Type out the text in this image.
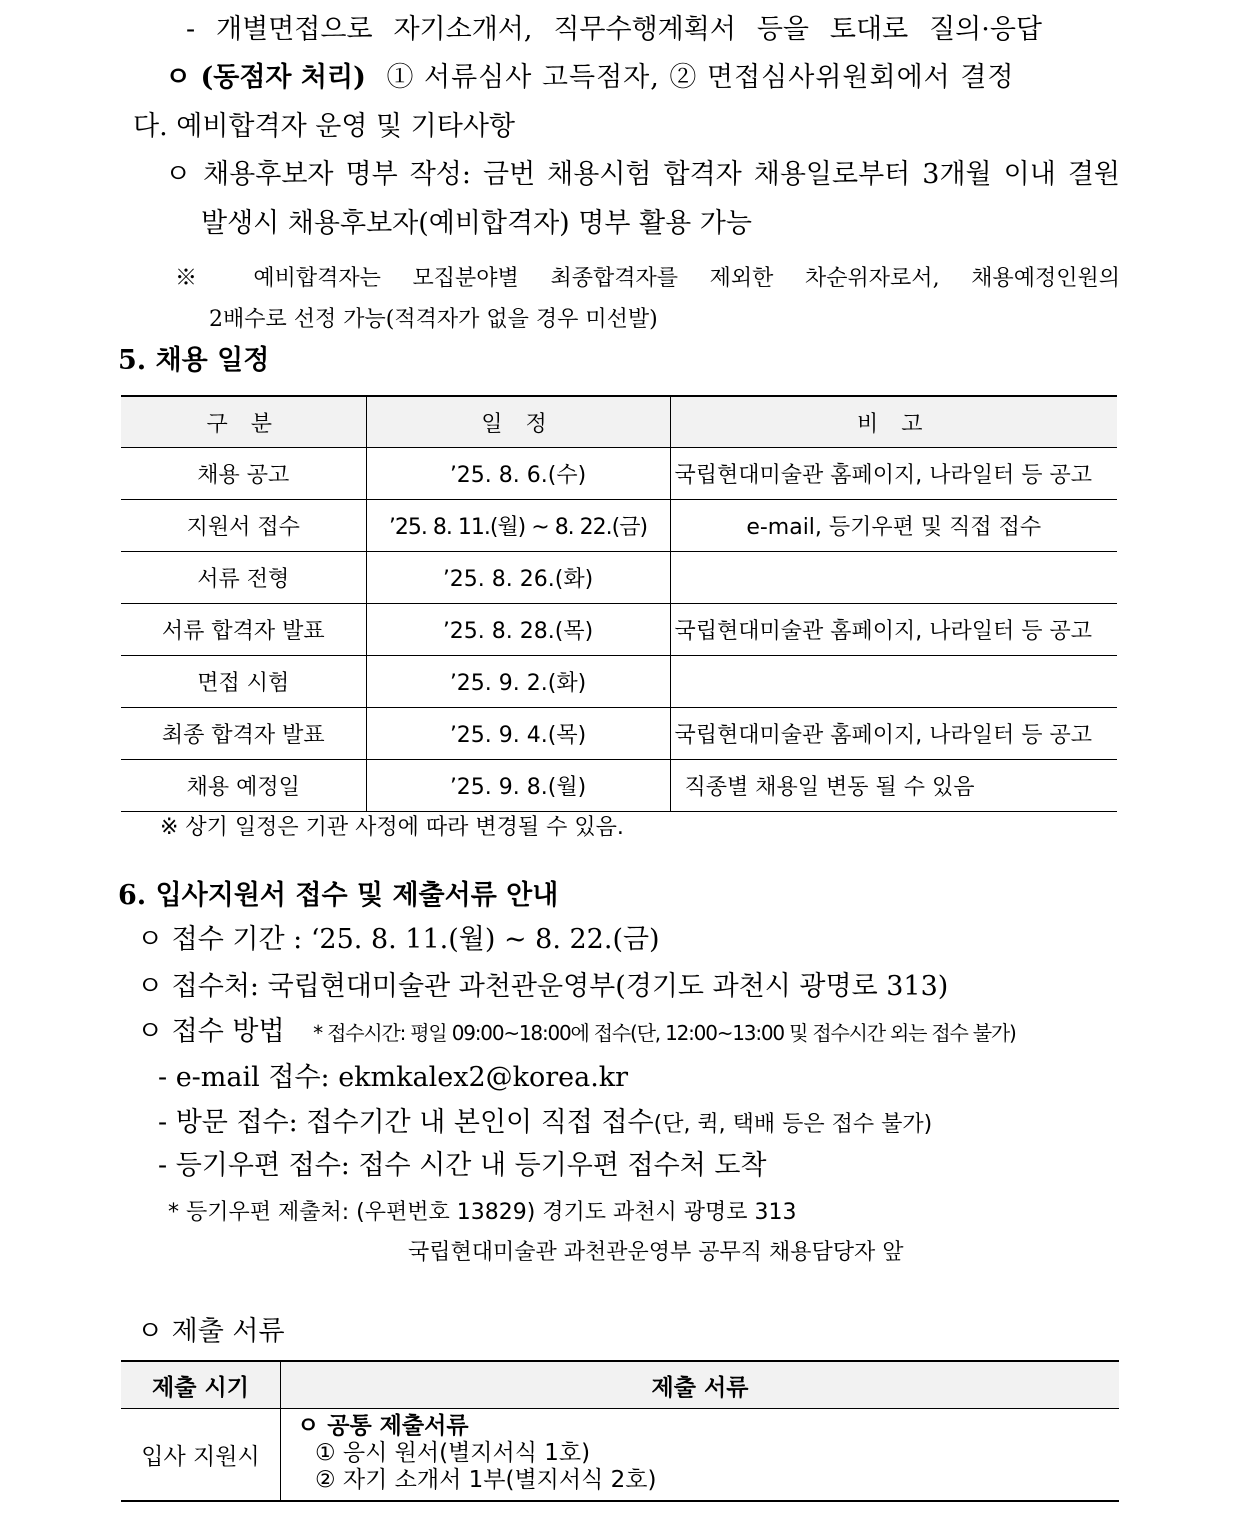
- 개별면접으로 자기소개서, 직무수행계획서 등을 토대로 질의·응답
ㅇ (동점자 처리) ① 서류심사 고득점자, ② 면접심사위원회에서 결정
다. 예비합격자 운영 및 기타사항
ㅇ 채용후보자 명부 작성: 금번 채용시험 합격자 채용일로부터 3개월 이내 결원
발생시 채용후보자(예비합격자) 명부 활용 가능
※ 예비합격자는 모집분야별 최종합격자를 제외한 차순위자로서, 채용예정인원의
2배수로 선정 가능(적격자가 없을 경우 미선발)
5. 채용 일정
구 분	일 정	비 고
채용 공고	’25. 8. 6.(수)	국립현대미술관 홈페이지, 나라일터 등 공고
지원서 접수	’25. 8. 11.(월) ~ 8. 22.(금)	e-mail, 등기우편 및 직접 접수
서류 전형	’25. 8. 26.(화)	
서류 합격자 발표	’25. 8. 28.(목)	국립현대미술관 홈페이지, 나라일터 등 공고
면접 시험	’25. 9. 2.(화)	
최종 합격자 발표	’25. 9. 4.(목)	국립현대미술관 홈페이지, 나라일터 등 공고
채용 예정일	’25. 9. 8.(월)	직종별 채용일 변동 될 수 있음
※ 상기 일정은 기관 사정에 따라 변경될 수 있음.
6. 입사지원서 접수 및 제출서류 안내
ㅇ 접수 기간 : ‘25. 8. 11.(월) ~ 8. 22.(금)
ㅇ 접수처: 국립현대미술관 과천관운영부(경기도 과천시 광명로 313)
ㅇ 접수 방법 * 접수시간: 평일 09:00~18:00에 접수(단, 12:00~13:00 및 접수시간 외는 접수 불가)
- e-mail 접수: ekmkalex2@korea.kr
- 방문 접수: 접수기간 내 본인이 직접 접수(단, 퀵, 택배 등은 접수 불가)
- 등기우편 접수: 접수 시간 내 등기우편 접수처 도착
* 등기우편 제출처: (우편번호 13829) 경기도 과천시 광명로 313
국립현대미술관 과천관운영부 공무직 채용담당자 앞
ㅇ 제출 서류
제출 시기	제출 서류
입사 지원시	ㅇ 공통 제출서류
① 응시 원서(별지서식 1호)
② 자기 소개서 1부(별지서식 2호)
